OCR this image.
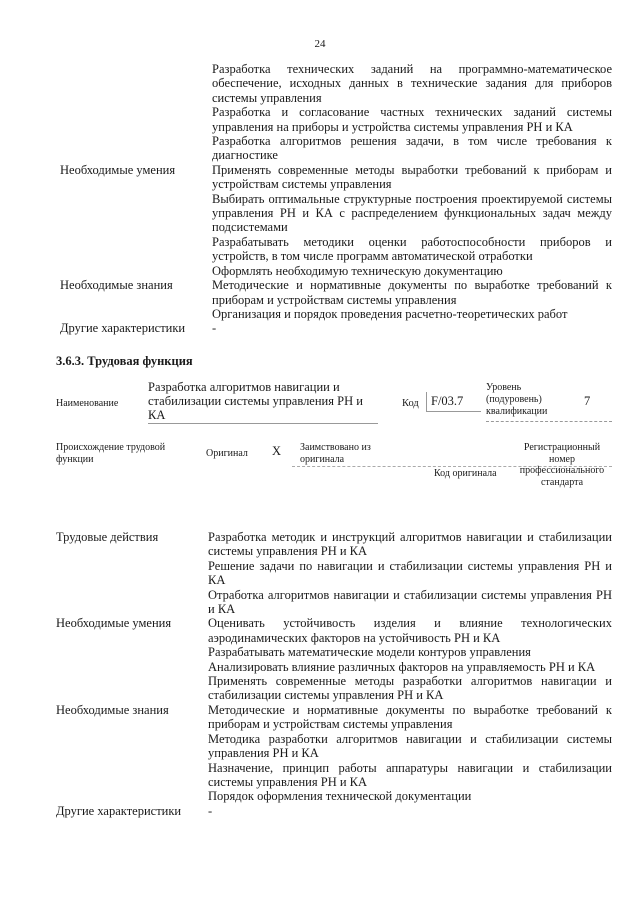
24
Разработка технических заданий на программно-математическое обеспечение, исходных данных в технические задания для приборов системы управления
Разработка и согласование частных технических заданий системы управления на приборы и устройства системы управления РН и КА
Разработка алгоритмов решения задачи, в том числе требования к диагностике
Необходимые умения	Применять современные методы выработки требований к приборам и устройствам системы управления
Выбирать оптимальные структурные построения проектируемой системы управления РН и КА с распределением функциональных задач между подсистемами
Разрабатывать методики оценки работоспособности приборов и устройств, в том числе программ автоматической отработки
Оформлять необходимую техническую документацию
Необходимые знания	Методические и нормативные документы по выработке требований к приборам и устройствам системы управления
Организация и порядок проведения расчетно-теоретических работ
Другие характеристики	-
3.6.3. Трудовая функция
Наименование
Разработка алгоритмов навигации и стабилизации системы управления РН и КА
Код F/03.7
Уровень (подуровень) квалификации
7
Происхождение трудовой функции	Оригинал X Заимствовано из оригинала
Код оригинала
Регистрационный номер профессионального стандарта
Трудовые действия	Разработка методик и инструкций алгоритмов навигации и стабилизации системы управления РН и КА
Решение задачи по навигации и стабилизации системы управления РН и КА
Отработка алгоритмов навигации и стабилизации системы управления РН и КА
Необходимые умения	Оценивать устойчивость изделия и влияние технологических аэродинамических факторов на устойчивость РН и КА
Разрабатывать математические модели контуров управления
Анализировать влияние различных факторов на управляемость РН и КА
Применять современные методы разработки алгоритмов навигации и стабилизации системы управления РН и КА
Необходимые знания	Методические и нормативные документы по выработке требований к приборам и устройствам системы управления
Методика разработки алгоритмов навигации и стабилизации системы управления РН и КА
Назначение, принцип работы аппаратуры навигации и стабилизации системы управления РН и КА
Порядок оформления технической документации
Другие характеристики	-
